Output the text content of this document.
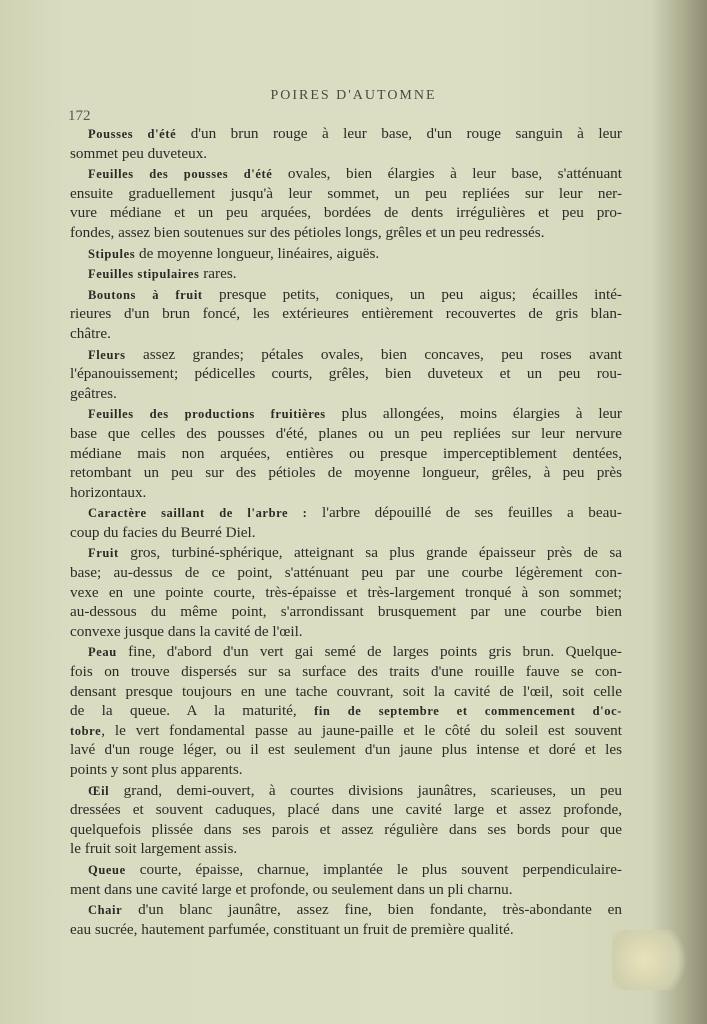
POIRES D'AUTOMNE
172
Pousses d'été d'un brun rouge à leur base, d'un rouge sanguin à leur
sommet peu duveteux.
Feuilles des pousses d'été ovales, bien élargies à leur base, s'atténuant
ensuite graduellement jusqu'à leur sommet, un peu repliées sur leur ner-
vure médiane et un peu arquées, bordées de dents irrégulières et peu pro-
fondes, assez bien soutenues sur des pétioles longs, grêles et un peu redressés.
Stipules de moyenne longueur, linéaires, aiguës.
Feuilles stipulaires rares.
Boutons à fruit presque petits, coniques, un peu aigus; écailles inté-
rieures d'un brun foncé, les extérieures entièrement recouvertes de gris blan-
châtre.
Fleurs assez grandes; pétales ovales, bien concaves, peu roses avant
l'épanouissement; pédicelles courts, grêles, bien duveteux et un peu rou-
geâtres.
Feuilles des productions fruitières plus allongées, moins élargies à leur
base que celles des pousses d'été, planes ou un peu repliées sur leur nervure
médiane mais non arquées, entières ou presque imperceptiblement dentées,
retombant un peu sur des pétioles de moyenne longueur, grêles, à peu près
horizontaux.
Caractère saillant de l'arbre : l'arbre dépouillé de ses feuilles a beau-
coup du facies du Beurré Diel.
Fruit gros, turbiné-sphérique, atteignant sa plus grande épaisseur près de sa
base; au-dessus de ce point, s'atténuant peu par une courbe légèrement con-
vexe en une pointe courte, très-épaisse et très-largement tronqué à son sommet;
au-dessous du même point, s'arrondissant brusquement par une courbe bien
convexe jusque dans la cavité de l'œil.
Peau fine, d'abord d'un vert gai semé de larges points gris brun. Quelque-
fois on trouve dispersés sur sa surface des traits d'une rouille fauve se con-
densant presque toujours en une tache couvrant, soit la cavité de l'œil, soit celle
de la queue. A la maturité, fin de septembre et commencement d'oc-
tobre, le vert fondamental passe au jaune-paille et le côté du soleil est souvent
lavé d'un rouge léger, ou il est seulement d'un jaune plus intense et doré et les
points y sont plus apparents.
Œil grand, demi-ouvert, à courtes divisions jaunâtres, scarieuses, un peu
dressées et souvent caduques, placé dans une cavité large et assez profonde,
quelquefois plissée dans ses parois et assez régulière dans ses bords pour que
le fruit soit largement assis.
Queue courte, épaisse, charnue, implantée le plus souvent perpendiculaire-
ment dans une cavité large et profonde, ou seulement dans un pli charnu.
Chair d'un blanc jaunâtre, assez fine, bien fondante, très-abondante en
eau sucrée, hautement parfumée, constituant un fruit de première qualité.
